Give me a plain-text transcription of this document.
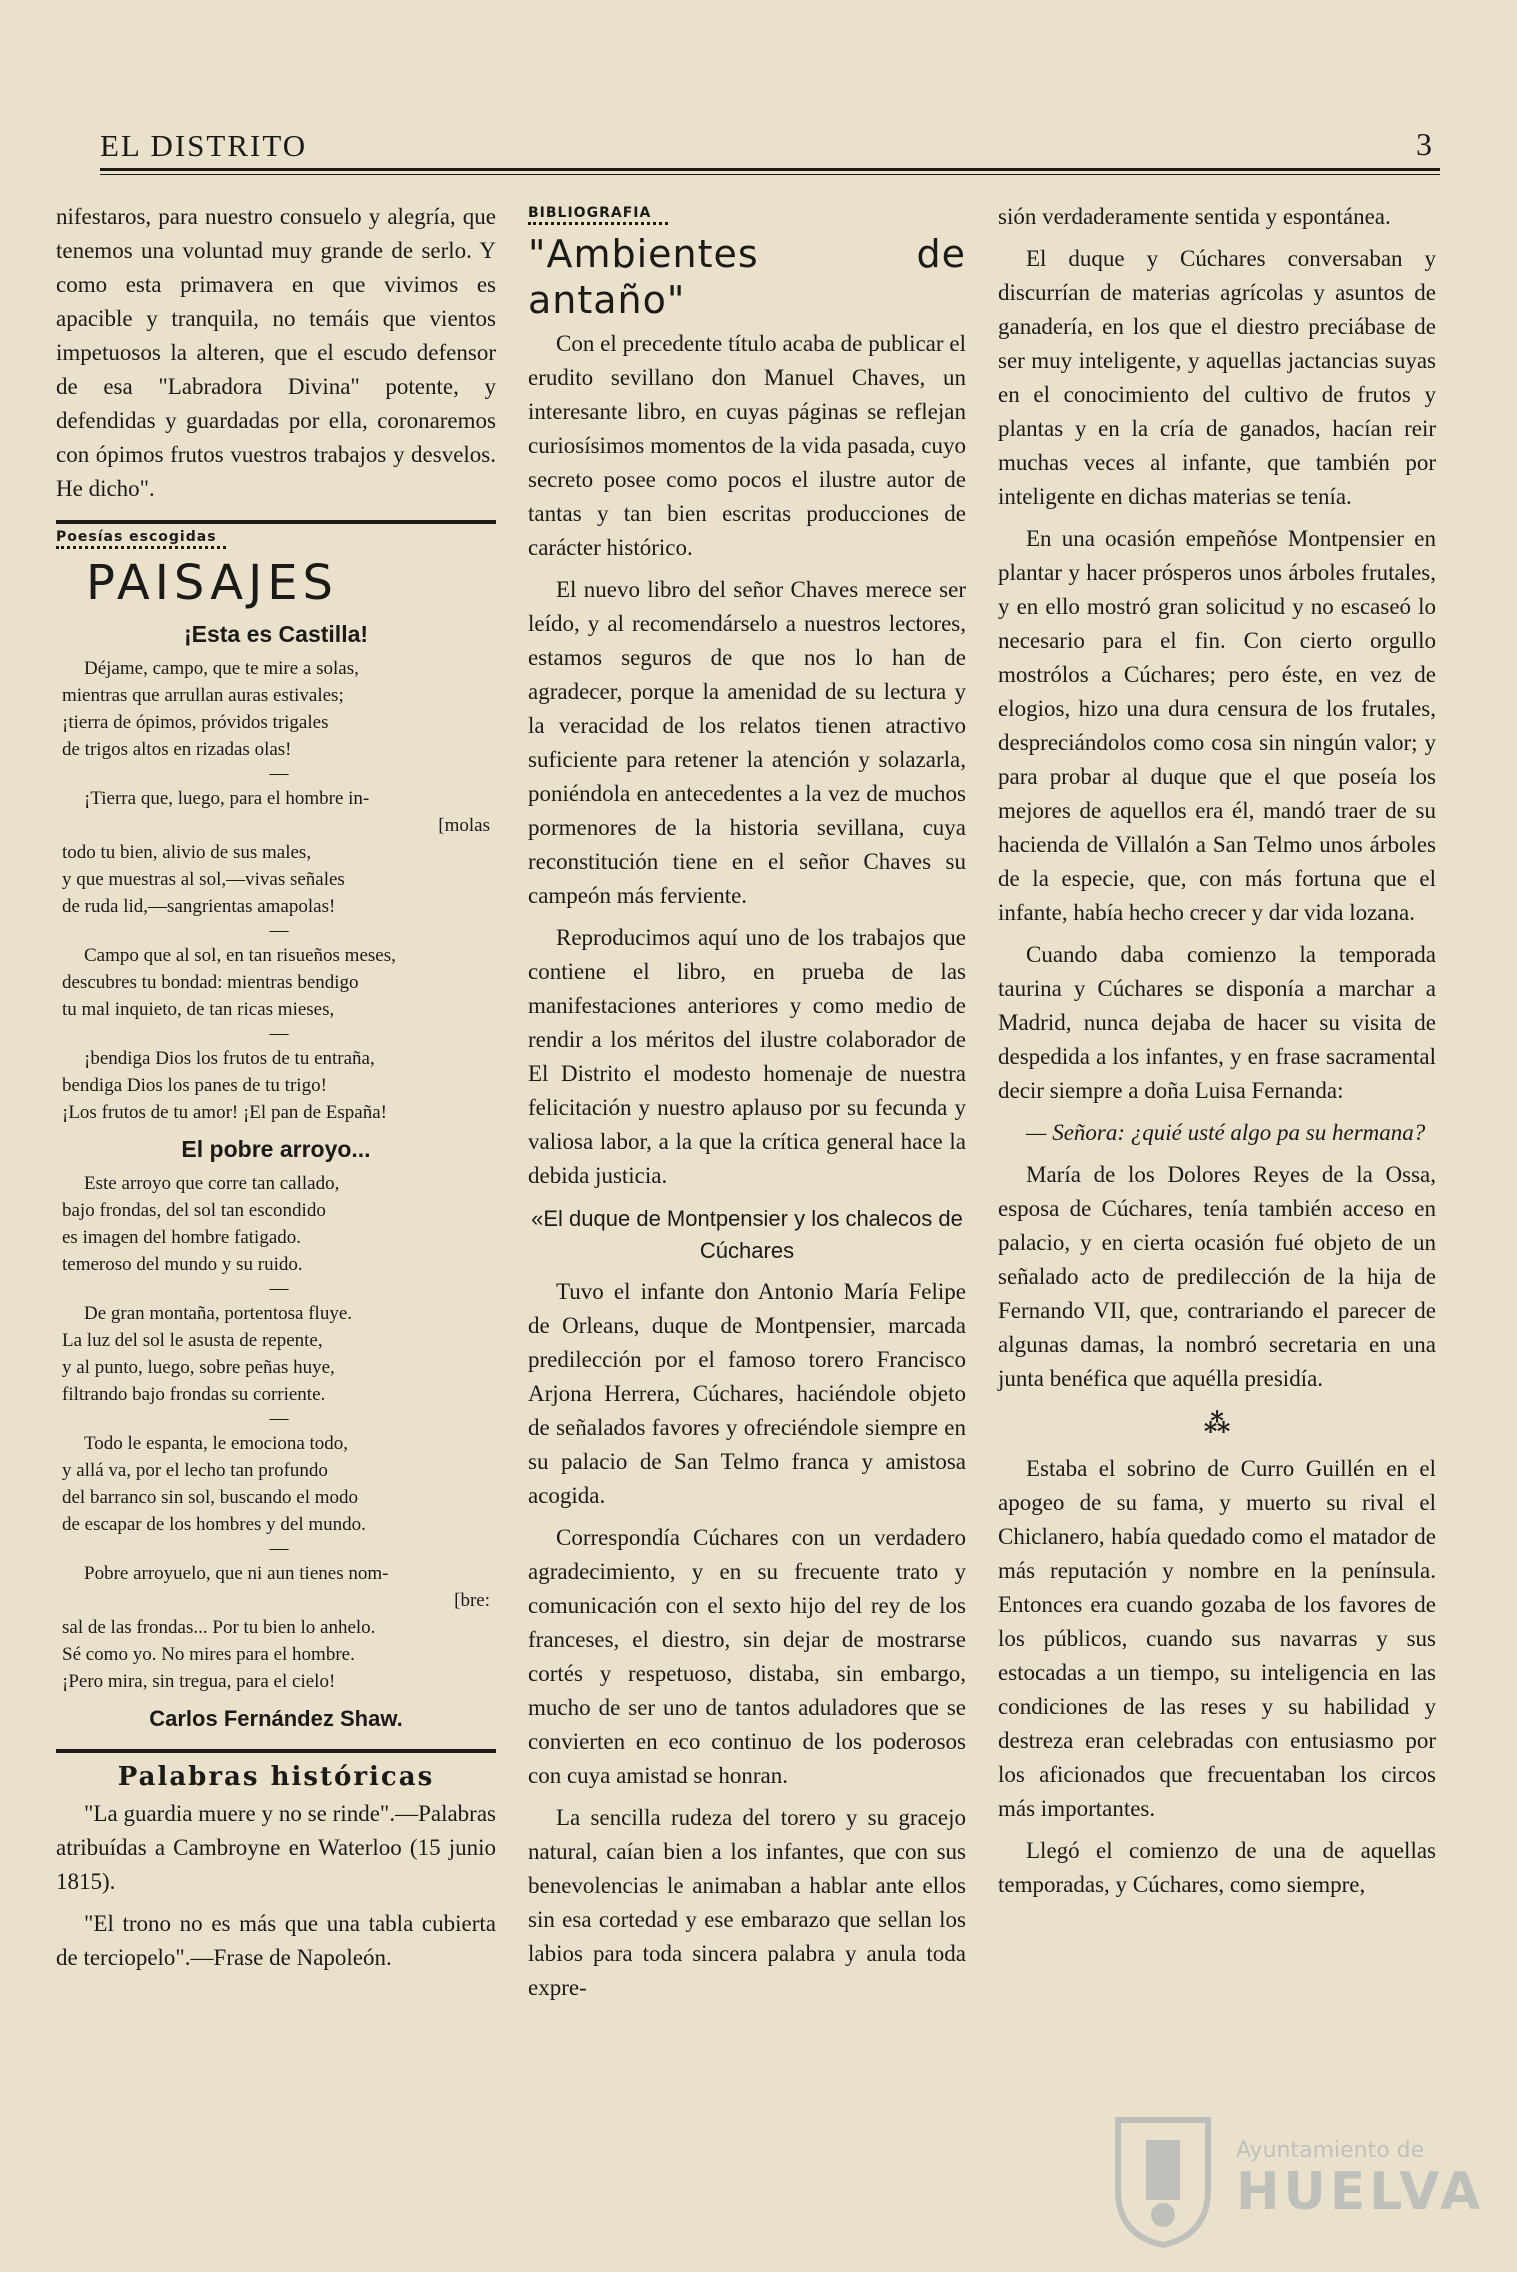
EL DISTRITO	3

nifestaros, para nuestro consuelo y alegría, que tenemos una voluntad muy grande de serlo. Y como esta primavera en que vivimos es apacible y tranquila, no temáis que vientos impetuosos la alteren, que el escudo defensor de esa "Labradora Divina" potente, y defendidas y guardadas por ella, coronaremos con ópimos frutos vuestros trabajos y desvelos. He dicho".

Poesías escogidas
PAISAJES
¡Esta es Castilla!
Déjame, campo, que te mire a solas,
mientras que arrullan auras estivales;
¡tierra de ópimos, próvidos trigales
de trigos altos en rizadas olas!
—
¡Tierra que, luego, para el hombre in-
[molas
todo tu bien, alivio de sus males,
y que muestras al sol,—vivas señales
de ruda lid,—sangrientas amapolas!
—
Campo que al sol, en tan risueños meses,
descubres tu bondad: mientras bendigo
tu mal inquieto, de tan ricas mieses,
—
¡bendiga Dios los frutos de tu entraña,
bendiga Dios los panes de tu trigo!
¡Los frutos de tu amor! ¡El pan de España!
El pobre arroyo...
Este arroyo que corre tan callado,
bajo frondas, del sol tan escondido
es imagen del hombre fatigado.
temeroso del mundo y su ruido.
—
De gran montaña, portentosa fluye.
La luz del sol le asusta de repente,
y al punto, luego, sobre peñas huye,
filtrando bajo frondas su corriente.
—
Todo le espanta, le emociona todo,
y allá va, por el lecho tan profundo
del barranco sin sol, buscando el modo
de escapar de los hombres y del mundo.
—
Pobre arroyuelo, que ni aun tienes nom-
[bre:
sal de las frondas... Por tu bien lo anhelo.
Sé como yo. No mires para el hombre.
¡Pero mira, sin tregua, para el cielo!
Carlos Fernández Shaw.
Palabras históricas

"La guardia muere y no se rinde".—Palabras atribuídas a Cambroyne en Waterloo (15 junio 1815).

"El trono no es más que una tabla cubierta de terciopelo".—Frase de Napoleón.

BIBLIOGRAFIA
"Ambientes de antaño"

Con el precedente título acaba de publicar el erudito sevillano don Manuel Chaves, un interesante libro, en cuyas páginas se reflejan curiosísimos momentos de la vida pasada, cuyo secreto posee como pocos el ilustre autor de tantas y tan bien escritas producciones de carácter histórico.

El nuevo libro del señor Chaves merece ser leído, y al recomendárselo a nuestros lectores, estamos seguros de que nos lo han de agradecer, porque la amenidad de su lectura y la veracidad de los relatos tienen atractivo suficiente para retener la atención y solazarla, poniéndola en antecedentes a la vez de muchos pormenores de la historia sevillana, cuya reconstitución tiene en el señor Chaves su campeón más ferviente.

Reproducimos aquí uno de los trabajos que contiene el libro, en prueba de las manifestaciones anteriores y como medio de rendir a los méritos del ilustre colaborador de El Distrito el modesto homenaje de nuestra felicitación y nuestro aplauso por su fecunda y valiosa labor, a la que la crítica general hace la debida justicia.

«El duque de Montpensier y los chalecos de Cúchares

Tuvo el infante don Antonio María Felipe de Orleans, duque de Montpensier, marcada predilección por el famoso torero Francisco Arjona Herrera, Cúchares, haciéndole objeto de señalados favores y ofreciéndole siempre en su palacio de San Telmo franca y amistosa acogida.

Correspondía Cúchares con un verdadero agradecimiento, y en su frecuente trato y comunicación con el sexto hijo del rey de los franceses, el diestro, sin dejar de mostrarse cortés y respetuoso, distaba, sin embargo, mucho de ser uno de tantos aduladores que se convierten en eco continuo de los poderosos con cuya amistad se honran.

La sencilla rudeza del torero y su gracejo natural, caían bien a los infantes, que con sus benevolencias le animaban a hablar ante ellos sin esa cortedad y ese embarazo que sellan los labios para toda sincera palabra y anula toda expre-

sión verdaderamente sentida y espontánea.

El duque y Cúchares conversaban y discurrían de materias agrícolas y asuntos de ganadería, en los que el diestro preciábase de ser muy inteligente, y aquellas jactancias suyas en el conocimiento del cultivo de frutos y plantas y en la cría de ganados, hacían reir muchas veces al infante, que también por inteligente en dichas materias se tenía.

En una ocasión empeñóse Montpensier en plantar y hacer prósperos unos árboles frutales, y en ello mostró gran solicitud y no escaseó lo necesario para el fin. Con cierto orgullo mostrólos a Cúchares; pero éste, en vez de elogios, hizo una dura censura de los frutales, despreciándolos como cosa sin ningún valor; y para probar al duque que el que poseía los mejores de aquellos era él, mandó traer de su hacienda de Villalón a San Telmo unos árboles de la especie, que, con más fortuna que el infante, había hecho crecer y dar vida lozana.

Cuando daba comienzo la temporada taurina y Cúchares se disponía a marchar a Madrid, nunca dejaba de hacer su visita de despedida a los infantes, y en frase sacramental decir siempre a doña Luisa Fernanda:

— Señora: ¿quié usté algo pa su hermana?

María de los Dolores Reyes de la Ossa, esposa de Cúchares, tenía también acceso en palacio, y en cierta ocasión fué objeto de un señalado acto de predilección de la hija de Fernando VII, que, contrariando el parecer de algunas damas, la nombró secretaria en una junta benéfica que aquélla presidía.

⁂

Estaba el sobrino de Curro Guillén en el apogeo de su fama, y muerto su rival el Chiclanero, había quedado como el matador de más reputación y nombre en la península. Entonces era cuando gozaba de los favores de los públicos, cuando sus navarras y sus estocadas a un tiempo, su inteligencia en las condiciones de las reses y su habilidad y destreza eran celebradas con entusiasmo por los aficionados que frecuentaban los circos más importantes.

Llegó el comienzo de una de aquellas temporadas, y Cúchares, como siempre,

Ayuntamiento de
HUELVA
